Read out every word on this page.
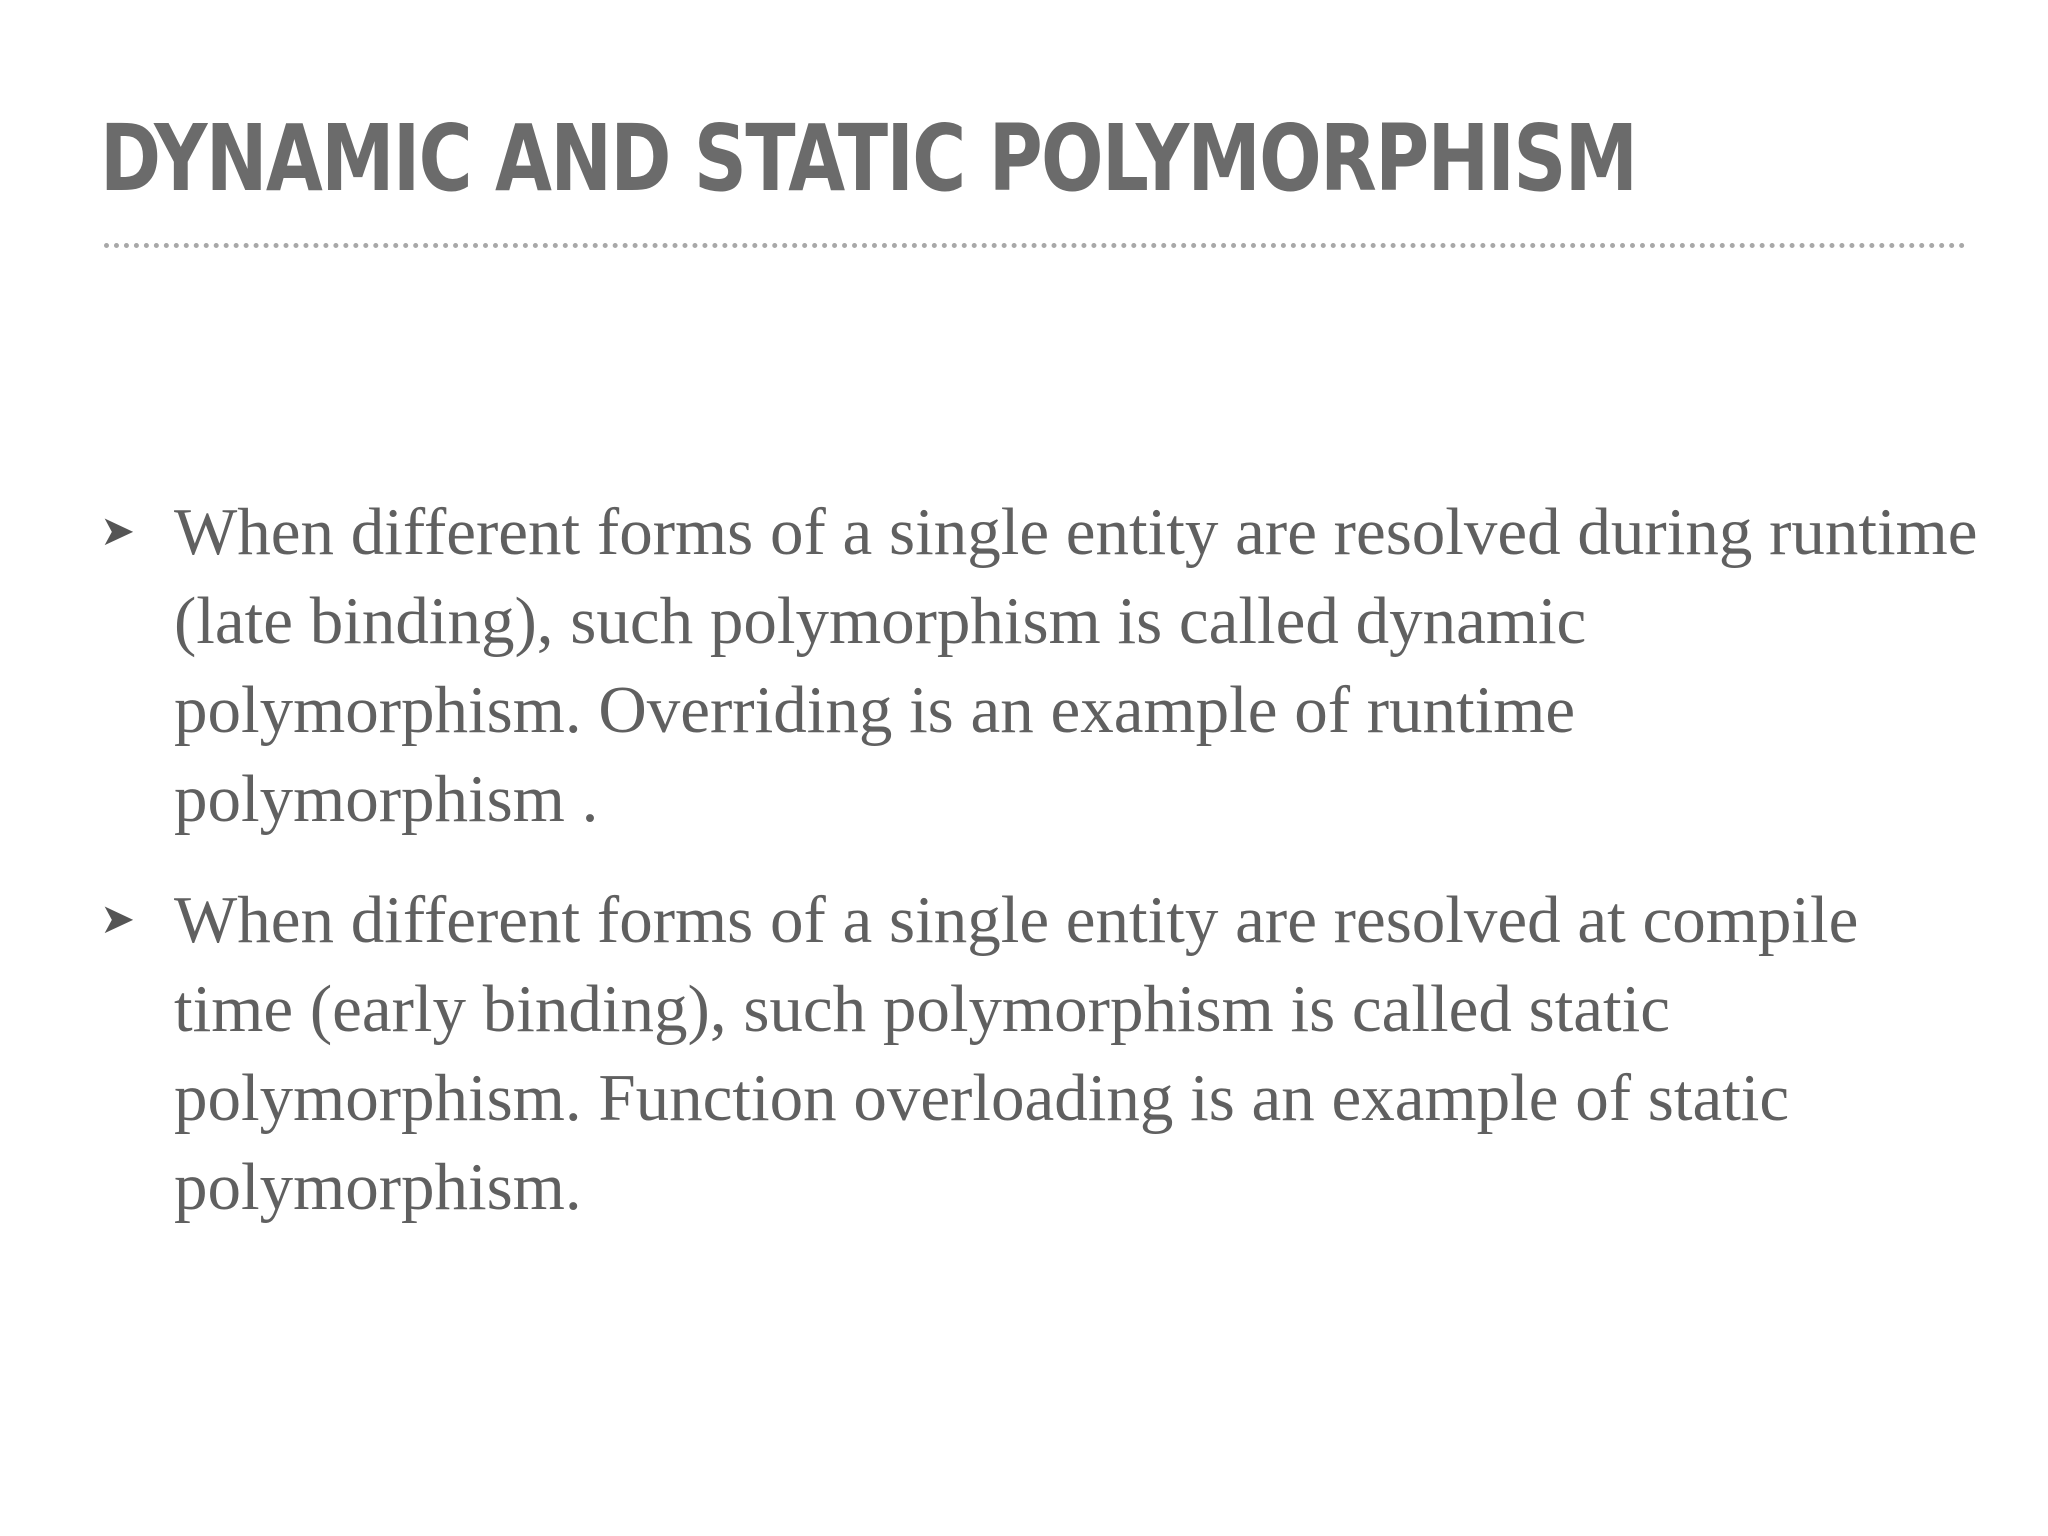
DYNAMIC AND STATIC POLYMORPHISM
➤ When different forms of a single entity are resolved during runtime (late binding), such polymorphism is called dynamic polymorphism. Overriding is an example of runtime polymorphism .
➤ When different forms of a single entity are resolved at compile time (early binding), such polymorphism is called static polymorphism. Function overloading is an example of static polymorphism.
